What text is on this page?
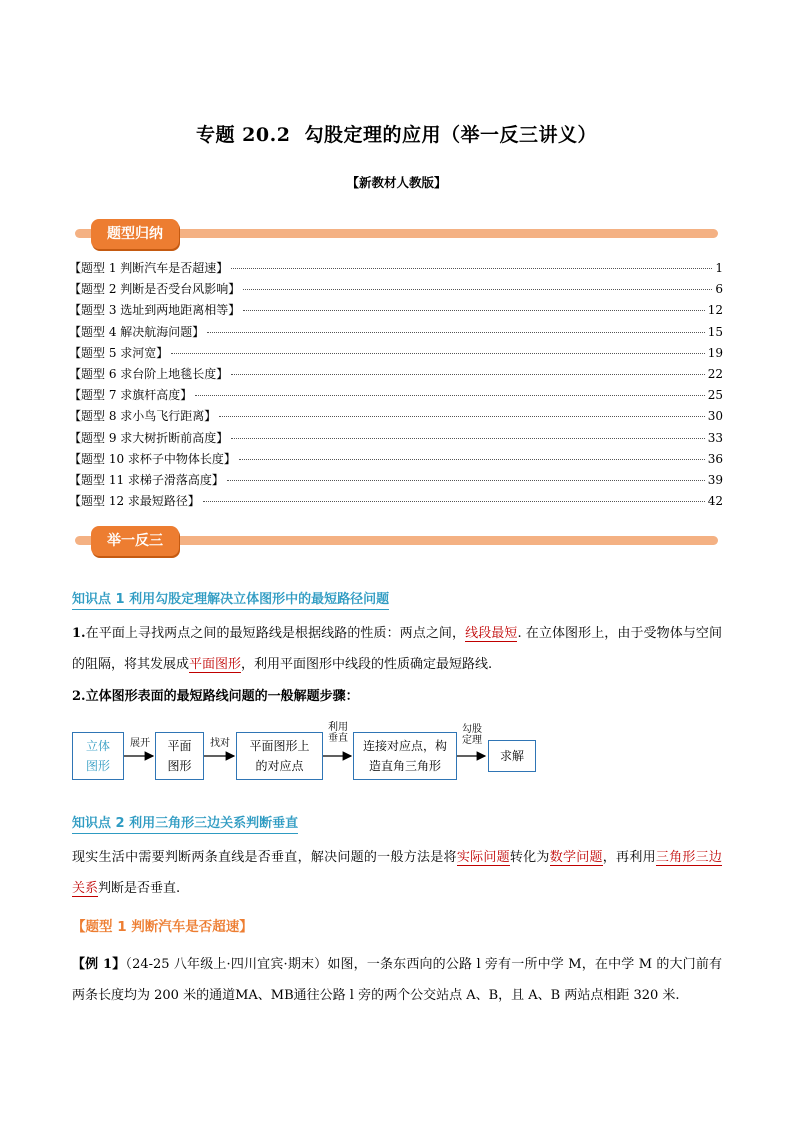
专题 20.2 勾股定理的应用（举一反三讲义）
【新教材人教版】
题型归纳
【题型 1 判断汽车是否超速】	1
【题型 2 判断是否受台风影响】	6
【题型 3 选址到两地距离相等】	12
【题型 4 解决航海问题】	15
【题型 5 求河宽】	19
【题型 6 求台阶上地毯长度】	22
【题型 7 求旗杆高度】	25
【题型 8 求小鸟飞行距离】	30
【题型 9 求大树折断前高度】	33
【题型 10 求杯子中物体长度】	36
【题型 11 求梯子滑落高度】	39
【题型 12 求最短路径】	42
举一反三
知识点 1 利用勾股定理解决立体图形中的最短路径问题
1.在平面上寻找两点之间的最短路线是根据线路的性质：两点之间，线段最短. 在立体图形上，由于受物体与空间的阻隔，将其发展成平面图形，利用平面图形中线段的性质确定最短路线.
2.立体图形表面的最短路线问题的一般解题步骤：
立体
图形
展开	平面
图形
找对	平面图形上
的对应点
利用
垂直
连接对应点，构
造直角三角形
勾股
定理
求解
知识点 2 利用三角形三边关系判断垂直
现实生活中需要判断两条直线是否垂直，解决问题的一般方法是将实际问题转化为数学问题，再利用三角形三边关系判断是否垂直.
【题型 1 判断汽车是否超速】
【例 1】（24-25 八年级上·四川宜宾·期末）如图，一条东西向的公路 l 旁有一所中学 M，在中学 M 的大门前有两条长度均为 200 米的通道MA、MB通往公路 l 旁的两个公交站点 A、B，且 A、B 两站点相距 320 米.
